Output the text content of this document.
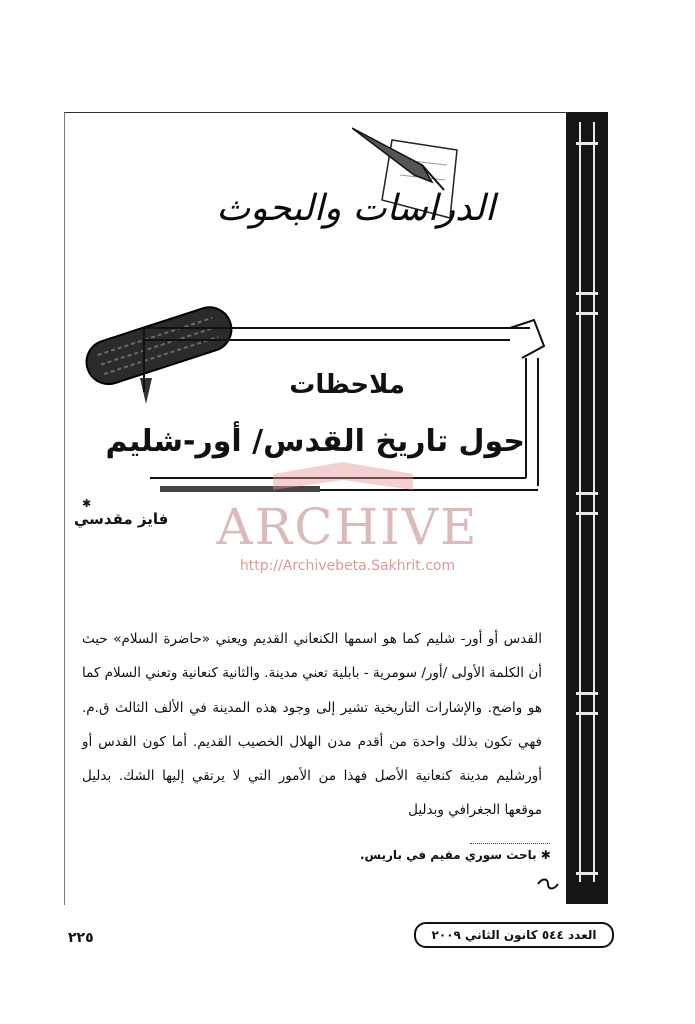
الدراسات والبحوث
ملاحظات
حول تاريخ القدس/ أور-شليم
✱
فايز مقدسي ARCHIVE
http://Archivebeta.Sakhrit.com

القدس أو أور- شليم كما هو اسمها الكنعاني القديم ويعني «حاضرة السلام» حيث أن الكلمة الأولى /أور/ سومرية - بابلية تعني مدينة. والثانية كنعانية وتعني السلام كما هو واضح. والإشارات التاريخية تشير إلى وجود هذه المدينة في الألف الثالث ق.م. فهي تكون بذلك واحدة من أقدم مدن الهلال الخصيب القديم. أما كون القدس أو أورشليم مدينة كنعانية الأصل فهذا من الأمور التي لا يرتقي إليها الشك. بدليل موقعها الجغرافي وبدليل

✱ باحث سوري مقيم في باريس.
٢٢٥	العدد ٥٤٤ كانون الثاني ٢٠٠٩
